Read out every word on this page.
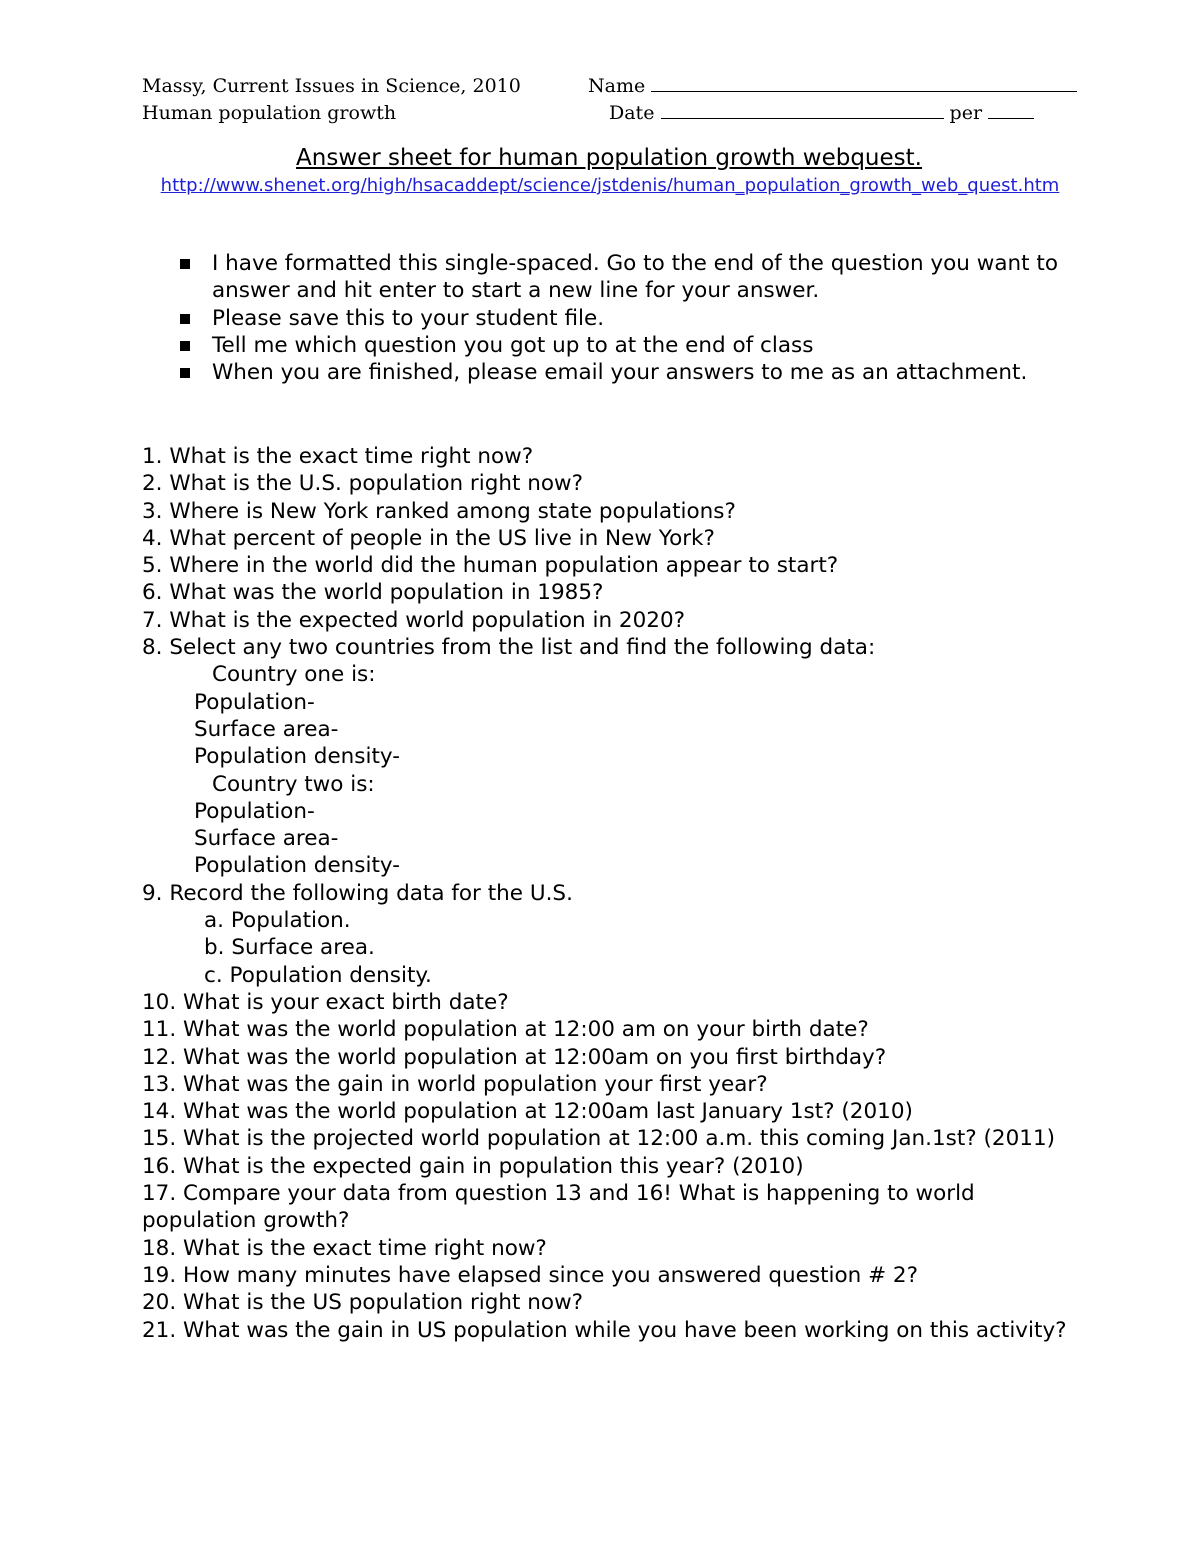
Massy, Current Issues in Science, 2010
Human population growth
Name
Date	per
Answer sheet for human population growth webquest.
http://www.shenet.org/high/hsacaddept/science/jstdenis/human_population_growth_web_quest.htm
I have formatted this single-spaced. Go to the end of the question you want to answer and hit enter to start a new line for your answer.
Please save this to your student file.
Tell me which question you got up to at the end of class
When you are finished, please email your answers to me as an attachment.
1. What is the exact time right now?
2. What is the U.S. population right now?
3. Where is New York ranked among state populations?
4. What percent of people in the US live in New York?
5. Where in the world did the human population appear to start?
6. What was the world population in 1985?
7. What is the expected world population in 2020?
8. Select any two countries from the list and find the following data:
Country one is:
Population-
Surface area-
Population density-
Country two is:
Population-
Surface area-
Population density-
9. Record the following data for the U.S.
a. Population.
b. Surface area.
c. Population density.
10. What is your exact birth date?
11. What was the world population at 12:00 am on your birth date?
12. What was the world population at 12:00am on you first birthday?
13. What was the gain in world population your first year?
14. What was the world population at 12:00am last January 1st? (2010)
15. What is the projected world population at 12:00 a.m. this coming Jan.1st? (2011)
16. What is the expected gain in population this year? (2010)
17. Compare your data from question 13 and 16! What is happening to world population growth?
18. What is the exact time right now?
19. How many minutes have elapsed since you answered question # 2?
20. What is the US population right now?
21. What was the gain in US population while you have been working on this activity?
